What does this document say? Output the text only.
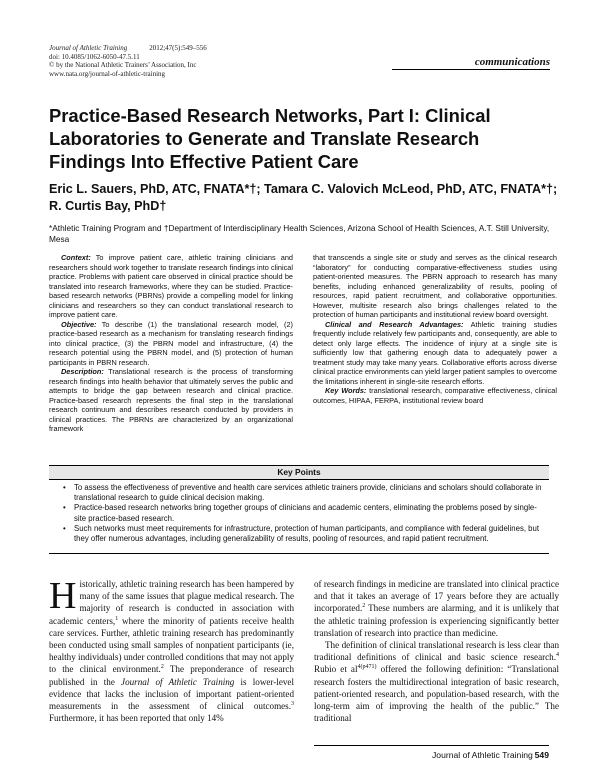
Journal of Athletic Training	2012;47(5):549–556
doi: 10.4085/1062-6050-47.5.11
© by the National Athletic Trainers’ Association, Inc
www.nata.org/journal-of-athletic-training
communications
Practice-Based Research Networks, Part I: Clinical Laboratories to Generate and Translate Research Findings Into Effective Patient Care
Eric L. Sauers, PhD, ATC, FNATA*†; Tamara C. Valovich McLeod, PhD, ATC, FNATA*†; R. Curtis Bay, PhD†
*Athletic Training Program and †Department of Interdisciplinary Health Sciences, Arizona School of Health Sciences, A.T. Still University, Mesa

Context: To improve patient care, athletic training clinicians and researchers should work together to translate research findings into clinical practice. Problems with patient care observed in clinical practice should be translated into research frameworks, where they can be studied. Practice-based research networks (PBRNs) provide a compelling model for linking clinicians and researchers so they can conduct translational research to improve patient care.

Objective: To describe (1) the translational research model, (2) practice-based research as a mechanism for translating research findings into clinical practice, (3) the PBRN model and infrastructure, (4) the research potential using the PBRN model, and (5) protection of human participants in PBRN research.

Description: Translational research is the process of transforming research findings into health behavior that ultimately serves the public and attempts to bridge the gap between research and clinical practice. Practice-based research represents the final step in the translational research continuum and describes research conducted by providers in clinical practices. The PBRNs are characterized by an organizational framework

that transcends a single site or study and serves as the clinical research “laboratory” for conducting comparative-effectiveness studies using patient-oriented measures. The PBRN approach to research has many benefits, including enhanced generalizability of results, pooling of resources, rapid patient recruitment, and collaborative opportunities. However, multisite research also brings challenges related to the protection of human participants and institutional review board oversight.

Clinical and Research Advantages: Athletic training studies frequently include relatively few participants and, consequently, are able to detect only large effects. The incidence of injury at a single site is sufficiently low that gathering enough data to adequately power a treatment study may take many years. Collaborative efforts across diverse clinical practice environments can yield larger patient samples to overcome the limitations inherent in single-site research efforts.

Key Words: translational research, comparative effectiveness, clinical outcomes, HIPAA, FERPA, institutional review board

Key Points
• To assess the effectiveness of preventive and health care services athletic trainers provide, clinicians and scholars should collaborate in translational research to guide clinical decision making.
• Practice-based research networks bring together groups of clinicians and academic centers, eliminating the problems posed by single-site practice-based research.
• Such networks must meet requirements for infrastructure, protection of human participants, and compliance with federal guidelines, but they offer numerous advantages, including generalizability of results, pooling of resources, and rapid patient recruitment.

Historically, athletic training research has been hampered by many of the same issues that plague medical research. The majority of research is conducted in association with academic centers,$^1$ where the minority of patients receive health care services. Further, athletic training research has predominantly been conducted using small samples of nonpatient participants (ie, healthy individuals) under controlled conditions that may not apply to the clinical environment.$^2$ The preponderance of research published in the Journal of Athletic Training is lower-level evidence that lacks the inclusion of important patient-oriented measurements in the assessment of clinical outcomes.$^3$ Furthermore, it has been reported that only 14%

of research findings in medicine are translated into clinical practice and that it takes an average of 17 years before they are actually incorporated.$^2$ These numbers are alarming, and it is unlikely that the athletic training profession is experiencing significantly better translation of research into practice than medicine.

The definition of clinical translational research is less clear than traditional definitions of clinical and basic science research.$^4$ Rubio et $al^{4(p471)}$ offered the following definition: “Translational research fosters the multidirectional integration of basic research, patient-oriented research, and population-based research, with the long-term aim of improving the health of the public.” The traditional

Journal of Athletic Training 549
